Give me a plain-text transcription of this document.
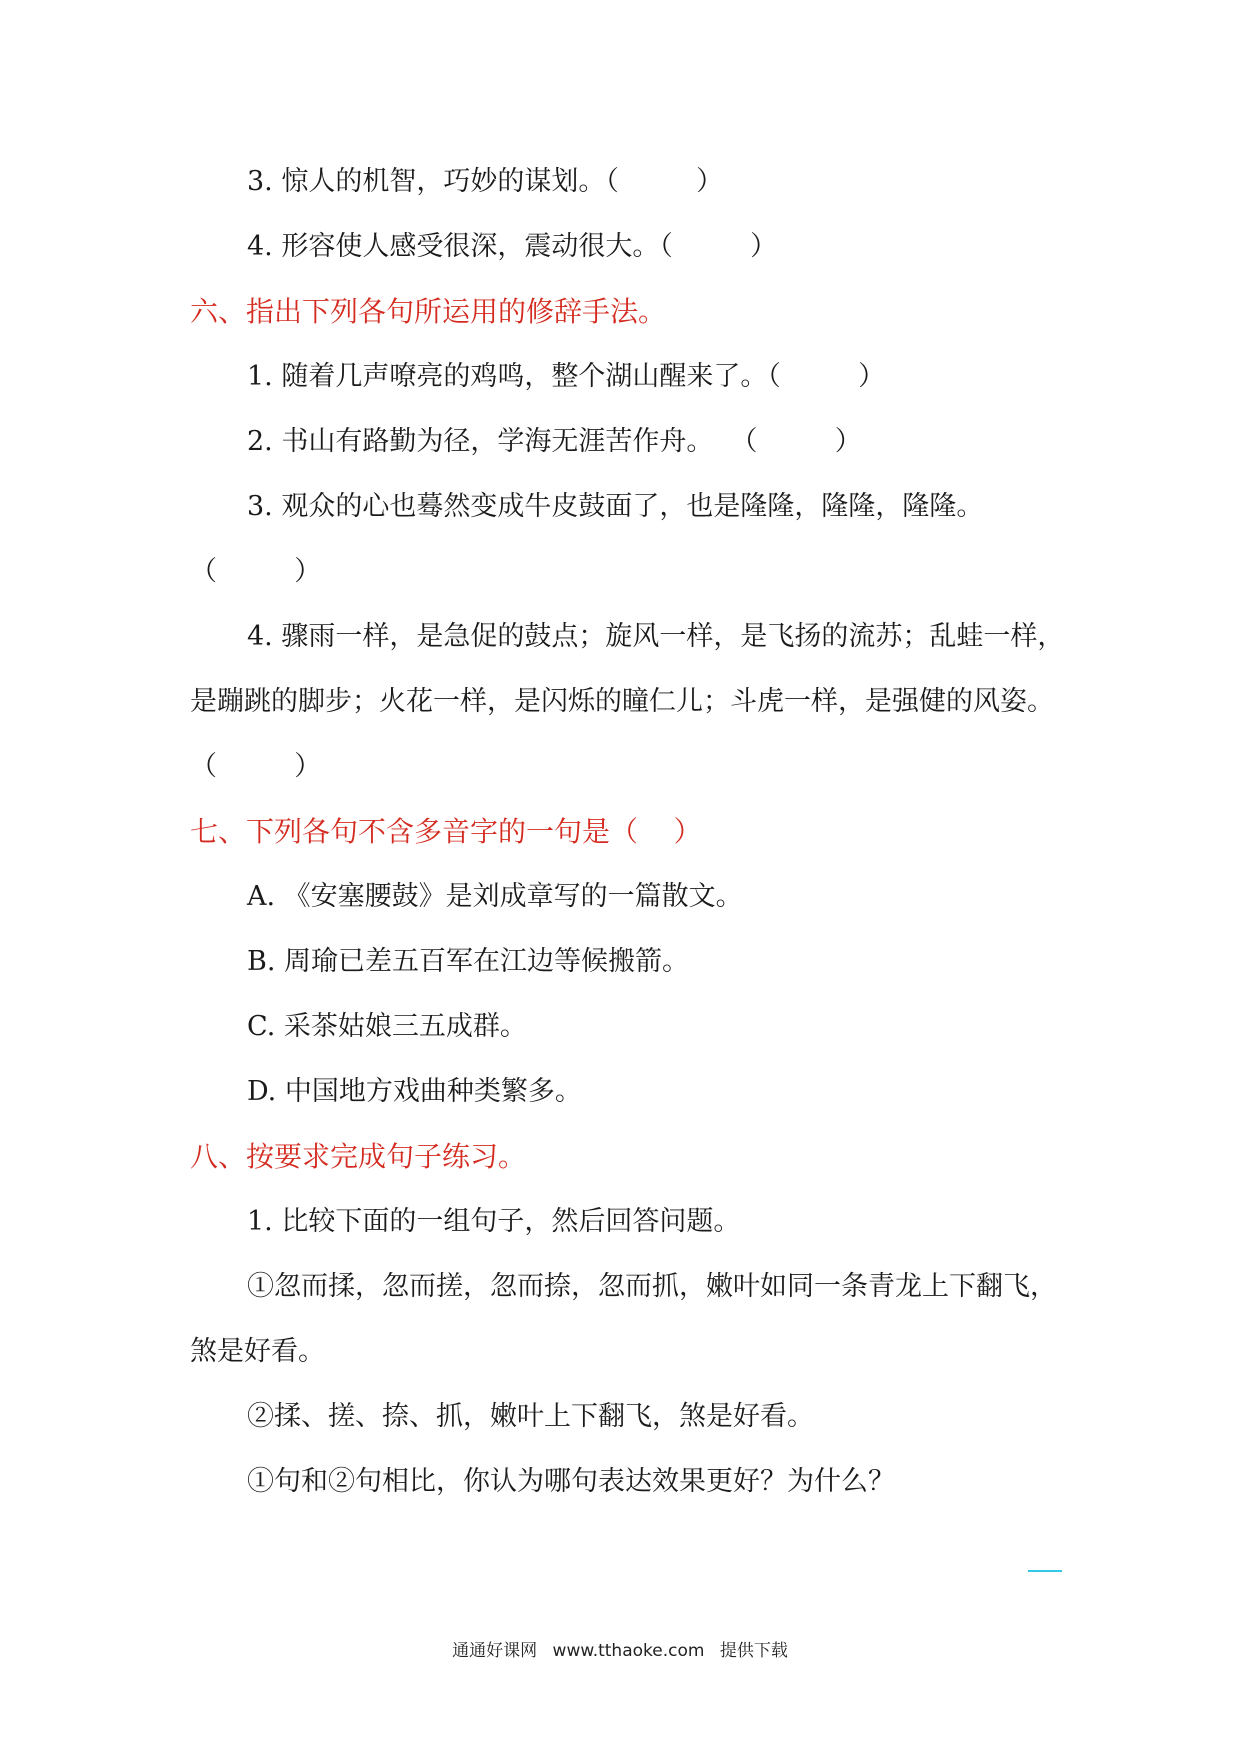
3. 惊人的机智，巧妙的谋划。（         ）
4. 形容使人感受很深，震动很大。（         ）
六、指出下列各句所运用的修辞手法。
1. 随着几声嘹亮的鸡鸣，整个湖山醒来了。（         ）
2. 书山有路勤为径，学海无涯苦作舟。  （         ）
3. 观众的心也蓦然变成牛皮鼓面了，也是隆隆，隆隆，隆隆。
（         ）
4. 骤雨一样，是急促的鼓点；旋风一样，是飞扬的流苏；乱蛙一样，
是蹦跳的脚步；火花一样，是闪烁的瞳仁儿；斗虎一样，是强健的风姿。
（         ）
七、下列各句不含多音字的一句是（    ）
A. 《安塞腰鼓》是刘成章写的一篇散文。
B. 周瑜已差五百军在江边等候搬箭。
C. 采茶姑娘三五成群。
D. 中国地方戏曲种类繁多。
八、按要求完成句子练习。
1. 比较下面的一组句子，然后回答问题。
①忽而揉，忽而搓，忽而捺，忽而抓，嫩叶如同一条青龙上下翻飞，
煞是好看。
②揉、搓、捺、抓，嫩叶上下翻飞，煞是好看。
①句和②句相比，你认为哪句表达效果更好？为什么？
通通好课网 www.tthaoke.com 提供下载
